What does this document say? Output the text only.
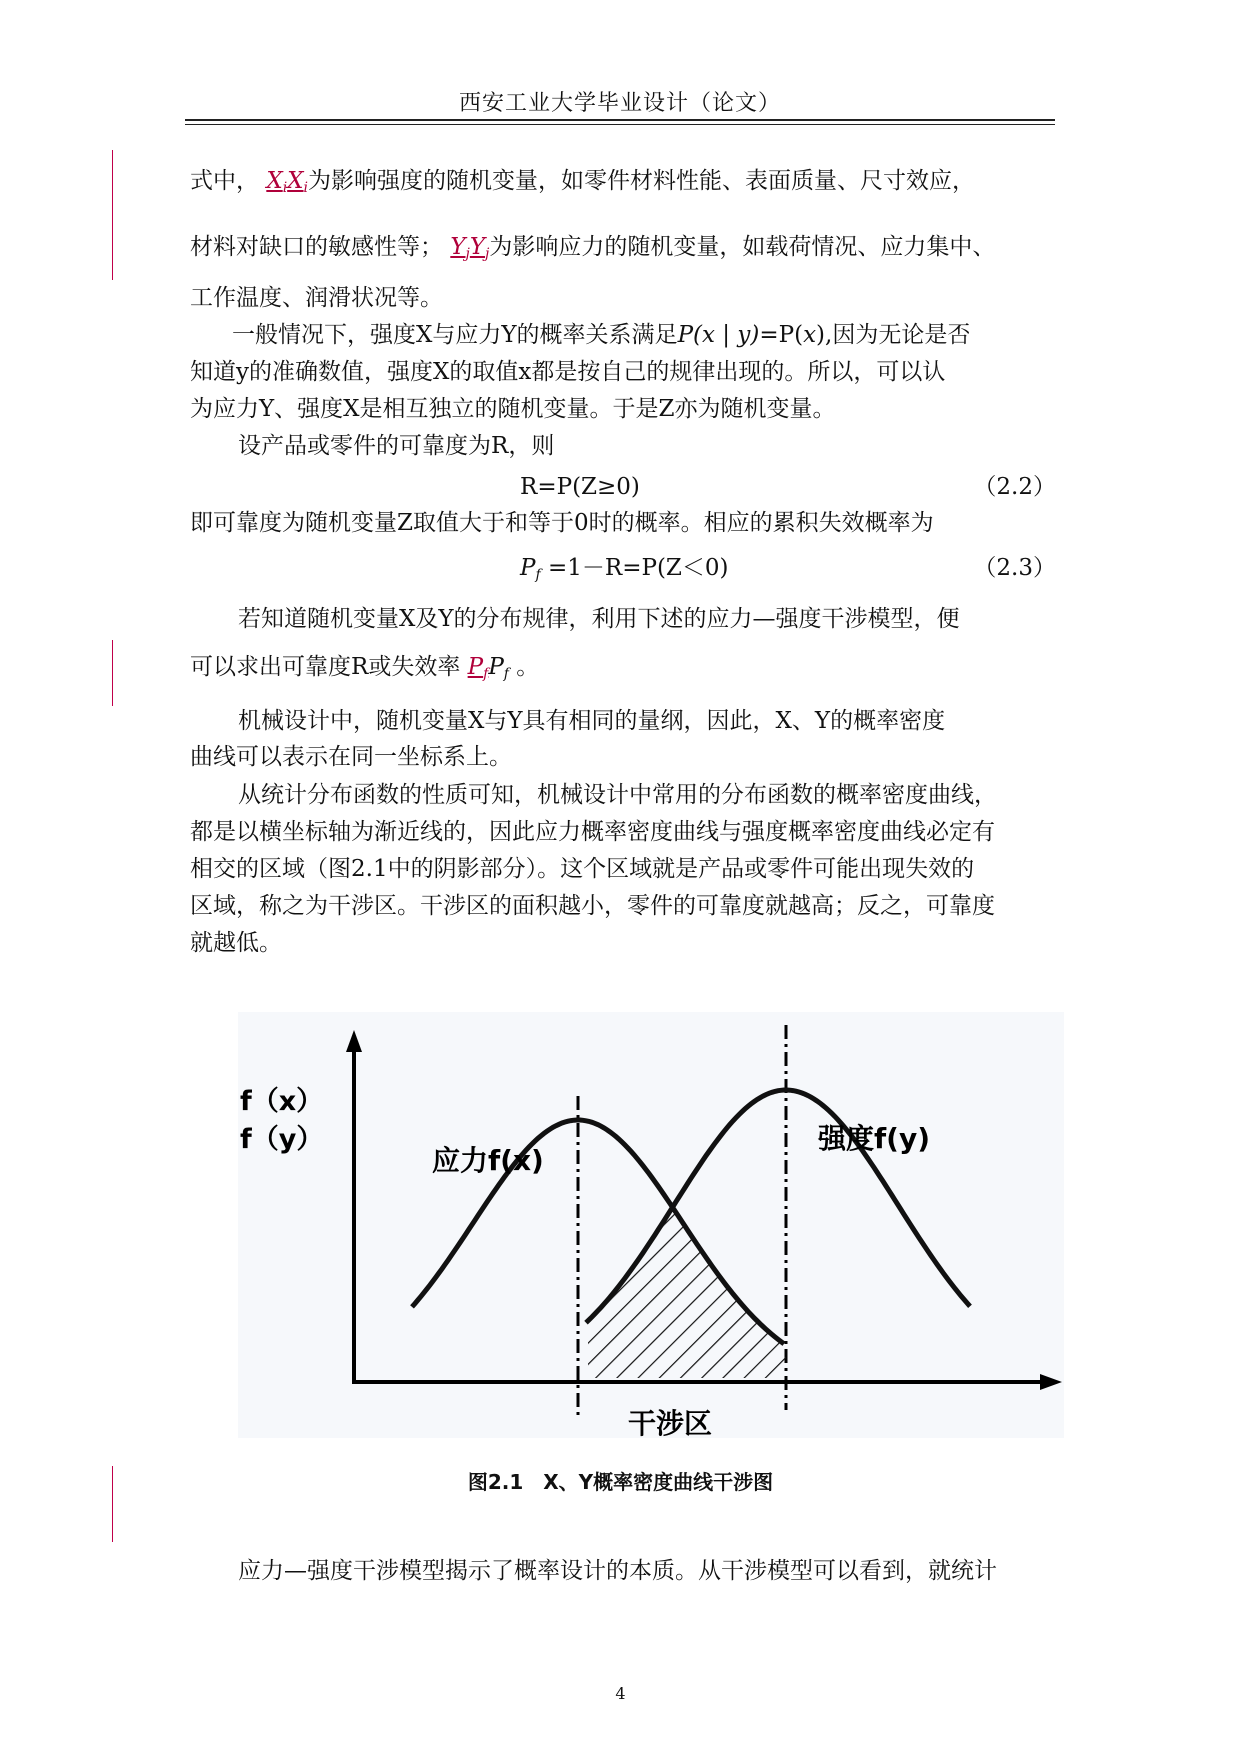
西安工业大学毕业设计（论文）
式中， $X_iX_i$为影响强度的随机变量，如零件材料性能、表面质量、尺寸效应，
材料对缺口的敏感性等； $Y_jY_j$为影响应力的随机变量，如载荷情况、应力集中、
工作温度、润滑状况等。
一般情况下，强度X与应力Y的概率关系满足P(x | y)=P(x),因为无论是否
知道y的准确数值，强度X的取值x都是按自己的规律出现的。所以，可以认
为应力Y、强度X是相互独立的随机变量。于是Z亦为随机变量。
设产品或零件的可靠度为R，则
R=P(Z≥0)	（2.2）
即可靠度为随机变量Z取值大于和等于0时的概率。相应的累积失效概率为
$P_f =1-R=P(Z<0)$	（2.3）
若知道随机变量X及Y的分布规律，利用下述的应力—强度干涉模型，便
可以求出可靠度R或失效率 $P_fP_f$ 。
机械设计中，随机变量X与Y具有相同的量纲，因此，X、Y的概率密度
曲线可以表示在同一坐标系上。
从统计分布函数的性质可知，机械设计中常用的分布函数的概率密度曲线，
都是以横坐标轴为渐近线的，因此应力概率密度曲线与强度概率密度曲线必定有
相交的区域（图2.1中的阴影部分）。这个区域就是产品或零件可能出现失效的
区域，称之为干涉区。干涉区的面积越小，零件的可靠度就越高；反之，可靠度
就越低。
f（x）
f（y）
应力f(x)
强度f(y)
干涉区
图2.1　X、Y概率密度曲线干涉图
应力—强度干涉模型揭示了概率设计的本质。从干涉模型可以看到，就统计
4
